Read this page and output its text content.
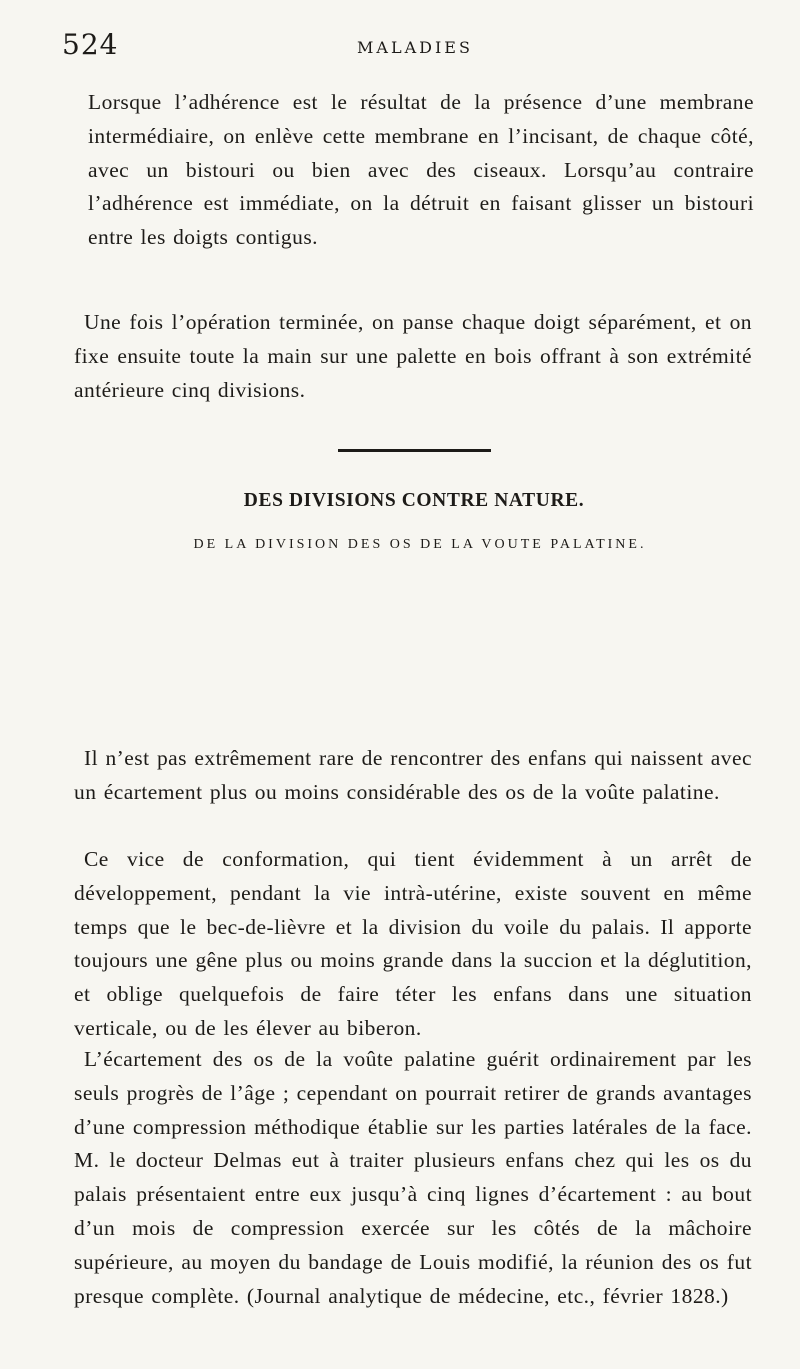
524	MALADIES

Lorsque l’adhérence est le résultat de la présence d’une membrane intermédiaire, on enlève cette membrane en l’incisant, de chaque côté, avec un bistouri ou bien avec des ciseaux. Lorsqu’au contraire l’adhérence est immédiate, on la détruit en faisant glisser un bistouri entre les doigts contigus.

Une fois l’opération terminée, on panse chaque doigt séparément, et on fixe ensuite toute la main sur une palette en bois offrant à son extrémité antérieure cinq divisions.

DES DIVISIONS CONTRE NATURE.
DE LA DIVISION DES OS DE LA VOUTE PALATINE.

Il n’est pas extrêmement rare de rencontrer des enfans qui naissent avec un écartement plus ou moins considérable des os de la voûte palatine.

Ce vice de conformation, qui tient évidemment à un arrêt de développement, pendant la vie intrà-utérine, existe souvent en même temps que le bec-de-lièvre et la division du voile du palais. Il apporte toujours une gêne plus ou moins grande dans la succion et la déglutition, et oblige quelquefois de faire téter les enfans dans une situation verticale, ou de les élever au biberon.

L’écartement des os de la voûte palatine guérit ordinairement par les seuls progrès de l’âge ; cependant on pourrait retirer de grands avantages d’une compression méthodique établie sur les parties latérales de la face. M. le docteur Delmas eut à traiter plusieurs enfans chez qui les os du palais présentaient entre eux jusqu’à cinq lignes d’écartement : au bout d’un mois de compression exercée sur les côtés de la mâchoire supérieure, au moyen du bandage de Louis modifié, la réunion des os fut presque complète. (Journal analytique de médecine, etc., février 1828.)
